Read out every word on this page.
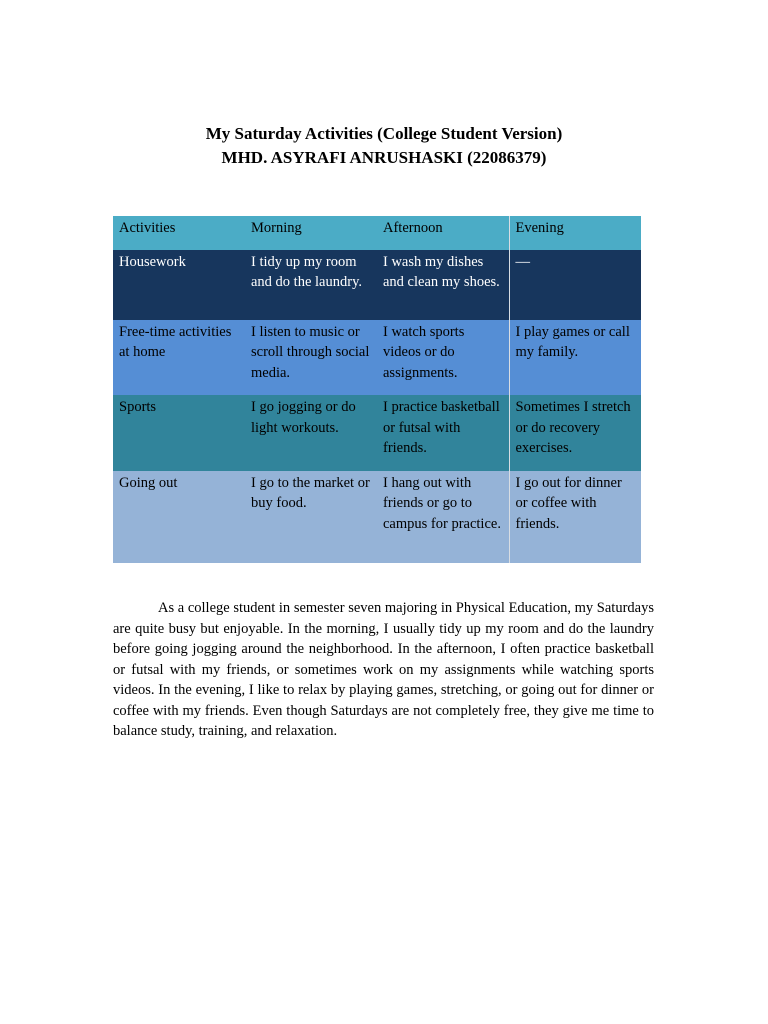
My Saturday Activities (College Student Version)
MHD. ASYRAFI ANRUSHASKI (22086379)
Activities	Morning	Afternoon	Evening
Housework	I tidy up my room and do the laundry.	I wash my dishes and clean my shoes.	—
Free-time activities at home	I listen to music or scroll through social media.	I watch sports videos or do assignments.	I play games or call my family.
Sports	I go jogging or do light workouts.	I practice basketball or futsal with friends.	Sometimes I stretch or do recovery exercises.
Going out	I go to the market or buy food.	I hang out with friends or go to campus for practice.	I go out for dinner or coffee with friends.

As a college student in semester seven majoring in Physical Education, my Saturdays are quite busy but enjoyable. In the morning, I usually tidy up my room and do the laundry before going jogging around the neighborhood. In the afternoon, I often practice basketball or futsal with my friends, or sometimes work on my assignments while watching sports videos. In the evening, I like to relax by playing games, stretching, or going out for dinner or coffee with my friends. Even though Saturdays are not completely free, they give me time to balance study, training, and relaxation.
